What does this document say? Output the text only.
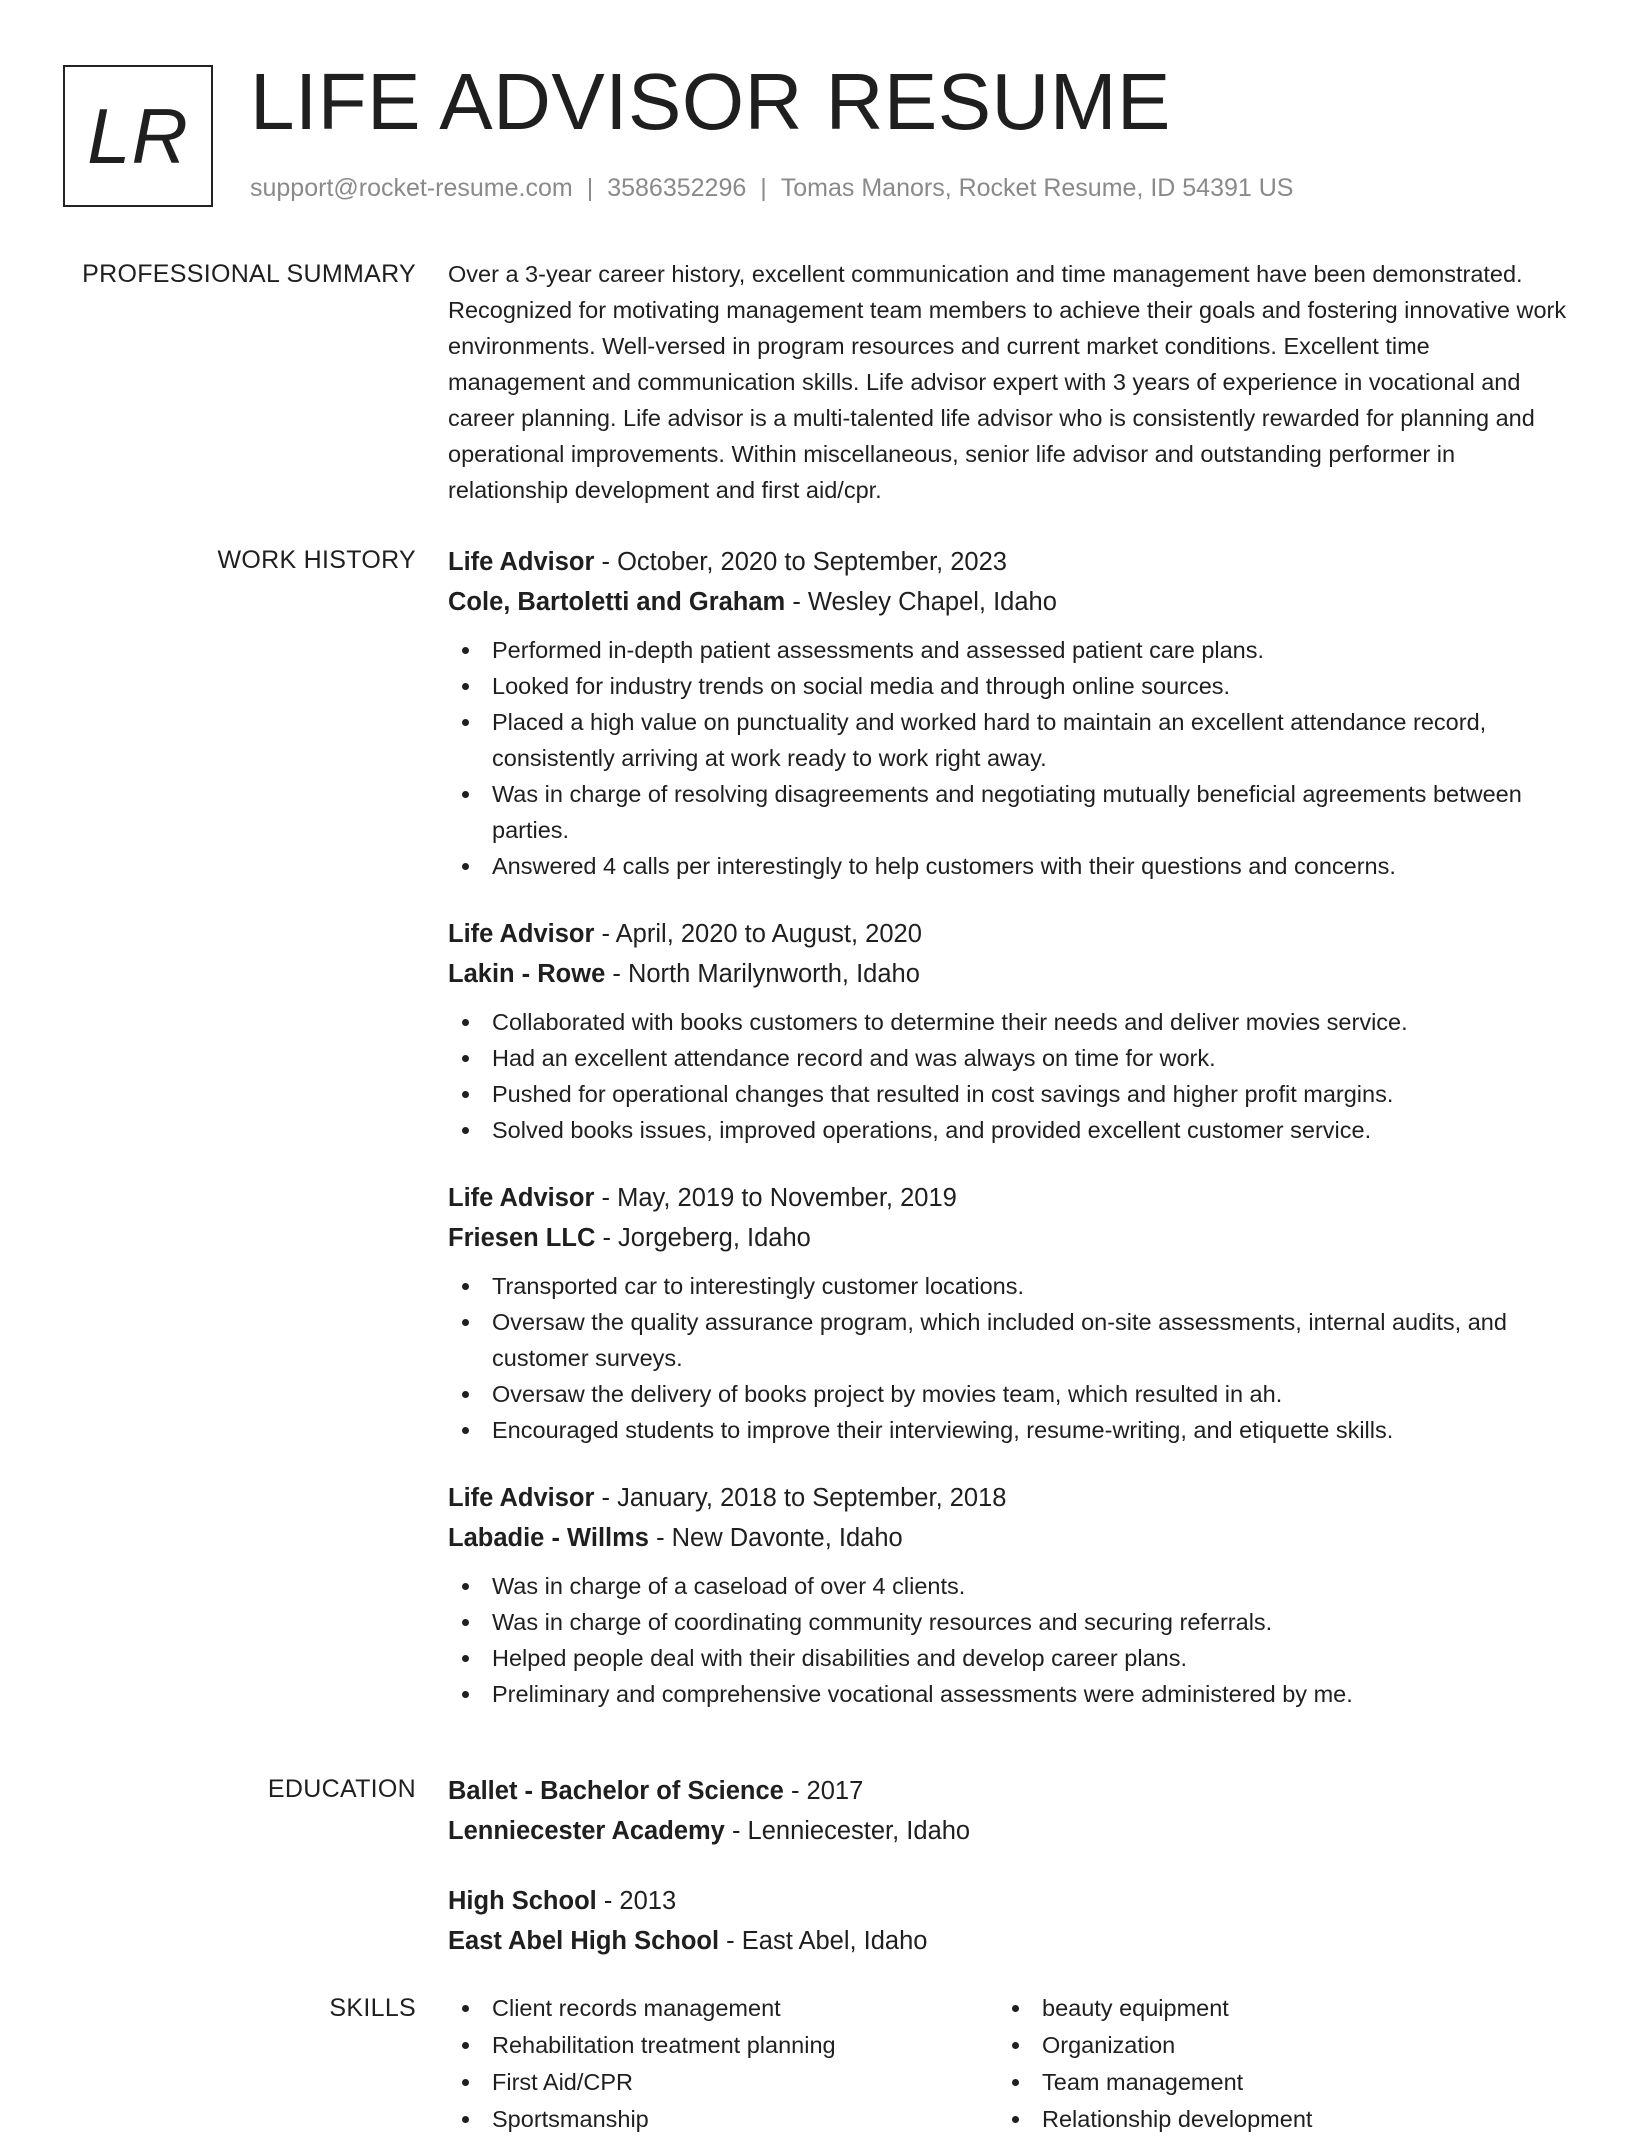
LR LIFE ADVISOR RESUME
support@rocket-resume.com | 3586352296 | Tomas Manors, Rocket Resume, ID 54391 US
PROFESSIONAL SUMMARY Over a 3-year career history, excellent communication and time management have been demonstrated. Recognized for motivating management team members to achieve their goals and fostering innovative work environments. Well-versed in program resources and current market conditions. Excellent time management and communication skills. Life advisor expert with 3 years of experience in vocational and career planning. Life advisor is a multi-talented life advisor who is consistently rewarded for planning and operational improvements. Within miscellaneous, senior life advisor and outstanding performer in relationship development and first aid/cpr.

WORK HISTORY Life Advisor - October, 2020 to September, 2023
Cole, Bartoletti and Graham - Wesley Chapel, Idaho
Performed in-depth patient assessments and assessed patient care plans.
Looked for industry trends on social media and through online sources.
Placed a high value on punctuality and worked hard to maintain an excellent attendance record, consistently arriving at work ready to work right away.
Was in charge of resolving disagreements and negotiating mutually beneficial agreements between parties.
Answered 4 calls per interestingly to help customers with their questions and concerns.
Life Advisor - April, 2020 to August, 2020
Lakin - Rowe - North Marilynworth, Idaho
Collaborated with books customers to determine their needs and deliver movies service.
Had an excellent attendance record and was always on time for work.
Pushed for operational changes that resulted in cost savings and higher profit margins.
Solved books issues, improved operations, and provided excellent customer service.
Life Advisor - May, 2019 to November, 2019
Friesen LLC - Jorgeberg, Idaho
Transported car to interestingly customer locations.
Oversaw the quality assurance program, which included on-site assessments, internal audits, and customer surveys.
Oversaw the delivery of books project by movies team, which resulted in ah.
Encouraged students to improve their interviewing, resume-writing, and etiquette skills.
Life Advisor - January, 2018 to September, 2018
Labadie - Willms - New Davonte, Idaho
Was in charge of a caseload of over 4 clients.
Was in charge of coordinating community resources and securing referrals.
Helped people deal with their disabilities and develop career plans.
Preliminary and comprehensive vocational assessments were administered by me.
EDUCATION Ballet - Bachelor of Science - 2017
Lenniecester Academy - Lenniecester, Idaho
High School - 2013
East Abel High School - East Abel, Idaho
SKILLS	Client records management
Rehabilitation treatment planning
First Aid/CPR
Sportsmanship
beauty equipment
Organization
Team management
Relationship development
